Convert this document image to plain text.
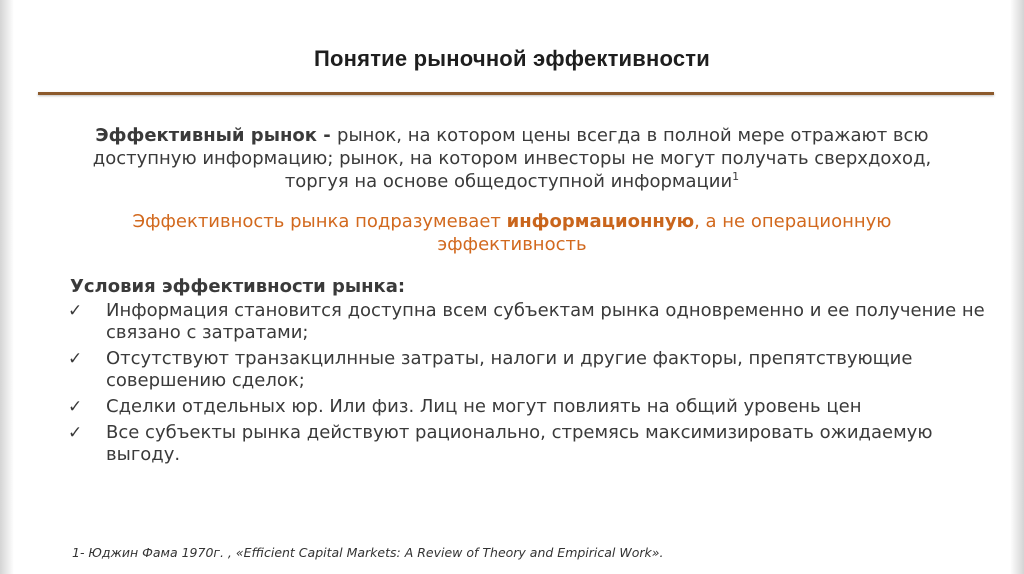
Понятие рыночной эффективности
Эффективный рынок - рынок, на котором цены всегда в полной мере отражают всю доступную информацию; рынок, на котором инвесторы не могут получать сверхдоход, торгуя на основе общедоступной информации$^1$
Эффективность рынка подразумевает информационную, а не операционную эффективность
Условия эффективности рынка:
✓ Информация становится доступна всем субъектам рынка одновременно и ее получение не связано с затратами;
✓ Отсутствуют транзакцилнные затраты, налоги и другие факторы, препятствующие совершению сделок;
✓ Сделки отдельных юр. Или физ. Лиц не могут повлиять на общий уровень цен
✓ Все субъекты рынка действуют рационально, стремясь максимизировать ожидаемую выгоду.
1- Юджин Фама 1970г. , «Efficient Capital Markets: A Review of Theory and Empirical Work».
